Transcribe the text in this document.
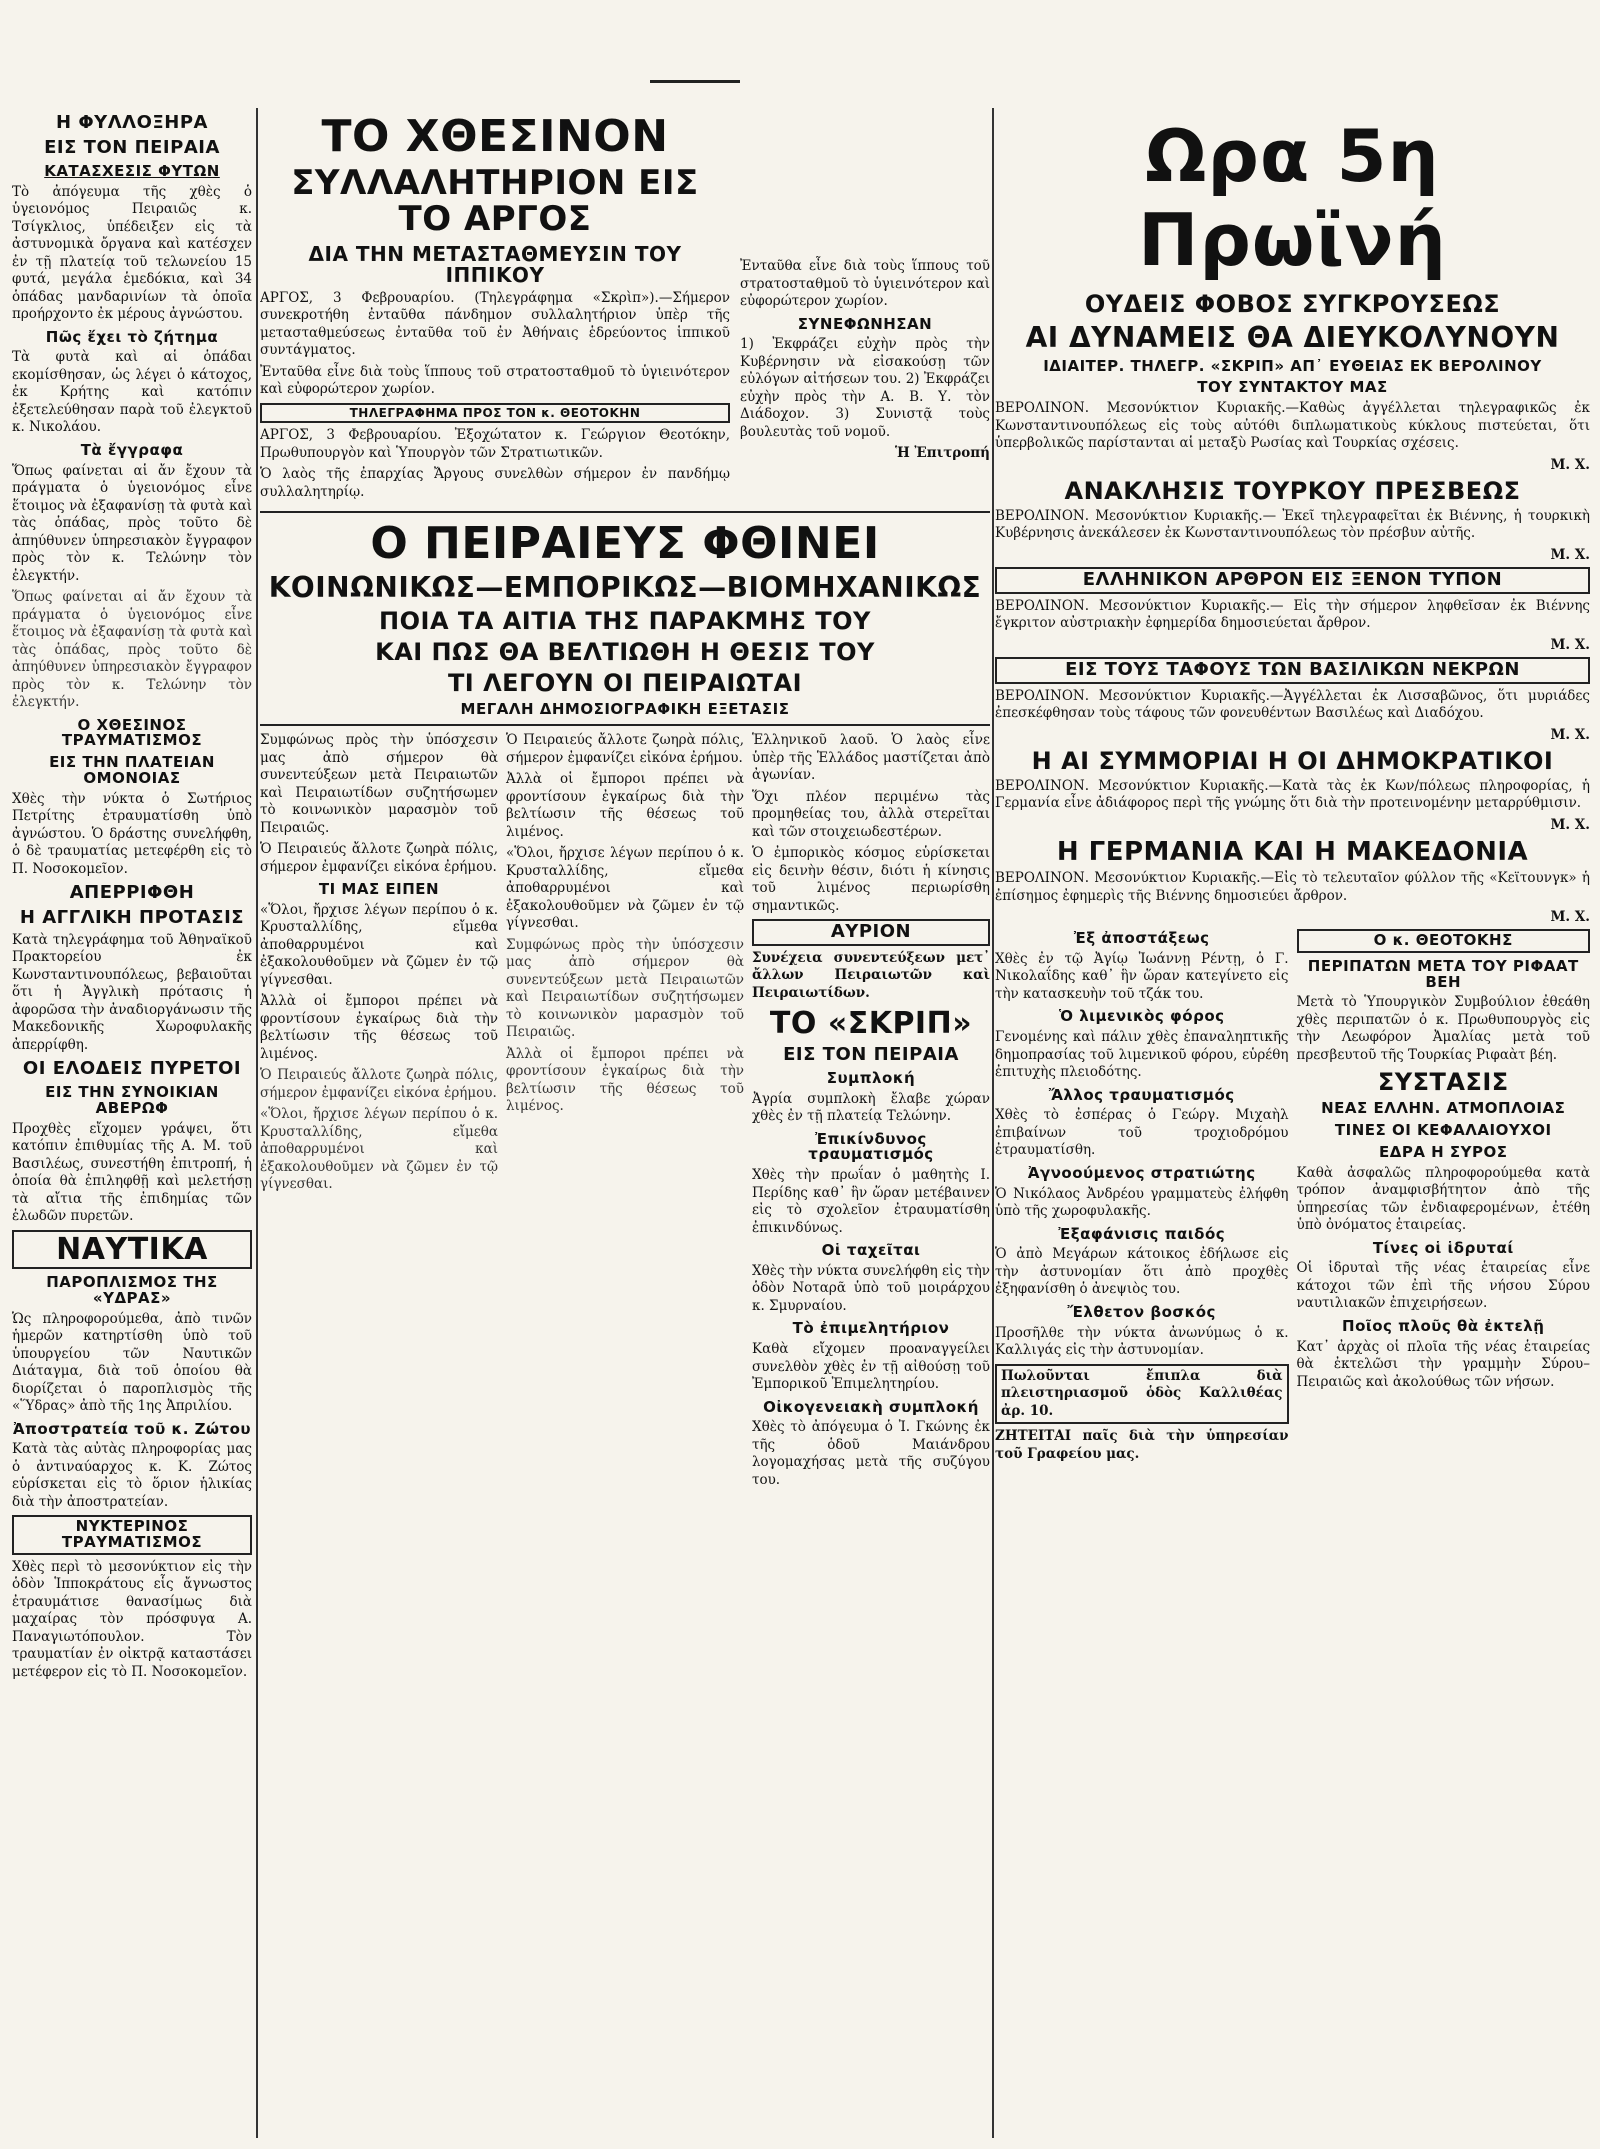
Η ΦΥΛΛΟΞΗΡΑ
ΕΙΣ ΤΟΝ ΠΕΙΡΑΙΑ
ΚΑΤΑΣΧΕΣΙΣ ΦΥΤΩΝ

Τὸ ἀπόγευμα τῆς χθὲς ὁ ὑγειονόμος Πειραιῶς κ. Τσίγκλιος, ὑπέδειξεν εἰς τὰ ἀστυνομικὰ ὄργανα καὶ κατέσχεν ἐν τῇ πλατείᾳ τοῦ τελωνείου 15 φυτά, μεγάλα ἑμεδόκια, καὶ 34 ὁπάδας μανδαρινίων τὰ ὁποῖα προήρχοντο ἐκ μέρους ἀγνώστου.

Πῶς ἔχει τὸ ζήτημα

Τὰ φυτὰ καὶ αἱ ὁπάδαι εκομίσθησαν, ὡς λέγει ὁ κάτοχος, ἐκ Κρήτης καὶ κατόπιν ἐξετελεύθησαν παρὰ τοῦ ἐλεγκτοῦ κ. Νικολάου.

Τὰ ἔγγραφα

Ὅπως φαίνεται αἱ ἄν ἔχουν τὰ πράγματα ὁ ὑγειονόμος εἶνε ἕτοιμος νὰ ἐξαφανίσῃ τὰ φυτὰ καὶ τὰς ὁπάδας, πρὸς τοῦτο δὲ ἀπηύθυνεν ὑπηρεσιακὸν ἔγγραφον πρὸς τὸν κ. Τελώνην τὸν ἐλεγκτήν.

Ὅπως φαίνεται αἱ ἄν ἔχουν τὰ πράγματα ὁ ὑγειονόμος εἶνε ἕτοιμος νὰ ἐξαφανίσῃ τὰ φυτὰ καὶ τὰς ὁπάδας, πρὸς τοῦτο δὲ ἀπηύθυνεν ὑπηρεσιακὸν ἔγγραφον πρὸς τὸν κ. Τελώνην τὸν ἐλεγκτήν.

Ο ΧΘΕΣΙΝΟΣ ΤΡΑΥΜΑΤΙΣΜΟΣ
ΕΙΣ ΤΗΝ ΠΛΑΤΕΙΑΝ ΟΜΟΝΟΙΑΣ

Χθὲς τὴν νύκτα ὁ Σωτήριος Πετρίτης ἐτραυματίσθη ὑπὸ ἀγνώστου. Ὁ δράστης συνελήφθη, ὁ δὲ τραυματίας μετεφέρθη εἰς τὸ Π. Νοσοκομεῖον.

ΑΠΕΡΡΙΦΘΗ
Η ΑΓΓΛΙΚΗ ΠΡΟΤΑΣΙΣ

Κατὰ τηλεγράφημα τοῦ Ἀθηναϊκοῦ Πρακτορείου ἐκ Κωνσταντινουπόλεως, βεβαιοῦται ὅτι ἡ Ἀγγλικὴ πρότασις ἡ ἀφορῶσα τὴν ἀναδιοργάνωσιν τῆς Μακεδονικῆς Χωροφυλακῆς ἀπερρίφθη.

ΟΙ ΕΛΟΔΕΙΣ ΠΥΡΕΤΟΙ
ΕΙΣ ΤΗΝ ΣΥΝΟΙΚΙΑΝ ΑΒΕΡΩΦ

Προχθὲς εἴχομεν γράψει, ὅτι κατόπιν ἐπιθυμίας τῆς Α. Μ. τοῦ Βασιλέως, συνεστήθη ἐπιτροπή, ἡ ὁποία θὰ ἐπιληφθῇ καὶ μελετήσῃ τὰ αἴτια τῆς ἐπιδημίας τῶν ἑλωδῶν πυρετῶν.

ΝΑΥΤΙΚΑ
ΠΑΡΟΠΛΙΣΜΟΣ ΤΗΣ «ΥΔΡΑΣ»

Ὡς πληροφορούμεθα, ἀπὸ τινῶν ἡμερῶν κατηρτίσθη ὑπὸ τοῦ ὑπουργείου τῶν Ναυτικῶν Διάταγμα, διὰ τοῦ ὁποίου θὰ διορίζεται ὁ παροπλισμὸς τῆς «Ὕδρας» ἀπὸ τῆς 1ης Ἀπριλίου.

Ἀποστρατεία τοῦ κ. Ζώτου

Κατὰ τὰς αὐτὰς πληροφορίας μας ὁ ἀντιναύαρχος κ. Κ. Ζώτος εὑρίσκεται εἰς τὸ ὅριον ἡλικίας διὰ τὴν ἀποστρατείαν.

ΝΥΚΤΕΡΙΝΟΣ ΤΡΑΥΜΑΤΙΣΜΟΣ

Χθὲς περὶ τὸ μεσονύκτιον εἰς τὴν ὁδὸν Ἱπποκράτους εἷς ἄγνωστος ἐτραυμάτισε θανασίμως διὰ μαχαίρας τὸν πρόσφυγα Α. Παναγιωτόπουλον. Τὸν τραυματίαν ἐν οἰκτρᾷ καταστάσει μετέφερον εἰς τὸ Π. Νοσοκομεῖον.

ΤΟ ΧΘΕΣΙΝΟΝ
ΣΥΛΛΑΛΗΤΗΡΙΟΝ ΕΙΣ ΤΟ ΑΡΓΟΣ
ΔΙΑ ΤΗΝ ΜΕΤΑΣΤΑΘΜΕΥΣΙΝ ΤΟΥ ΙΠΠΙΚΟΥ

ΑΡΓΟΣ, 3 Φεβρουαρίου. (Τηλεγράφημα «Σκρὶπ»).—Σήμερον συνεκροτήθη ἐνταῦθα πάνδημον συλλαλητήριον ὑπὲρ τῆς μετασταθμεύσεως ἐνταῦθα τοῦ ἐν Ἀθήναις ἑδρεύοντος ἱππικοῦ συντάγματος.

Ἐνταῦθα εἶνε διὰ τοὺς ἵππους τοῦ στρατοσταθμοῦ τὸ ὑγιεινότερον καὶ εὐφορώτερον χωρίον.

ΤΗΛΕΓΡΑΦΗΜΑ ΠΡΟΣ ΤΟΝ κ. ΘΕΟΤΟΚΗΝ

ΑΡΓΟΣ, 3 Φεβρουαρίου. Ἐξοχώτατον κ. Γεώργιον Θεοτόκην, Πρωθυπουργὸν καὶ Ὑπουργὸν τῶν Στρατιωτικῶν.

Ὁ λαὸς τῆς ἐπαρχίας Ἄργους συνελθὼν σήμερον ἐν πανδήμῳ συλλαλητηρίῳ.

Ἐνταῦθα εἶνε διὰ τοὺς ἵππους τοῦ στρατοσταθμοῦ τὸ ὑγιεινότερον καὶ εὐφορώτερον χωρίον.

ΣΥΝΕΦΩΝΗΣΑΝ

1) Ἐκφράζει εὐχὴν πρὸς τὴν Κυβέρνησιν νὰ εἰσακούσῃ τῶν εὐλόγων αἰτήσεων του. 2) Ἐκφράζει εὐχὴν πρὸς τὴν Α. Β. Υ. τὸν Διάδοχον. 3) Συνιστᾷ τοὺς βουλευτὰς τοῦ νομοῦ.

Ἡ Ἐπιτροπή
Ο ΠΕΙΡΑΙΕΥΣ ΦΘΙΝΕΙ
ΚΟΙΝΩΝΙΚΩΣ—ΕΜΠΟΡΙΚΩΣ—ΒΙΟΜΗΧΑΝΙΚΩΣ
ΠΟΙΑ ΤΑ ΑΙΤΙΑ ΤΗΣ ΠΑΡΑΚΜΗΣ ΤΟΥ
ΚΑΙ ΠΩΣ ΘΑ ΒΕΛΤΙΩΘΗ Η ΘΕΣΙΣ ΤΟΥ
ΤΙ ΛΕΓΟΥΝ ΟΙ ΠΕΙΡΑΙΩΤΑΙ
ΜΕΓΑΛΗ ΔΗΜΟΣΙΟΓΡΑΦΙΚΗ ΕΞΕΤΑΣΙΣ

Συμφώνως πρὸς τὴν ὑπόσχεσιν μας ἀπὸ σήμερον θὰ συνεντεύξεων μετὰ Πειραιωτῶν καὶ Πειραιωτίδων συζητήσωμεν τὸ κοινωνικὸν μαρασμὸν τοῦ Πειραιῶς.

Ὁ Πειραιεύς ἄλλοτε ζωηρὰ πόλις, σήμερον ἐμφανίζει εἰκόνα ἐρήμου.

ΤΙ ΜΑΣ ΕΙΠΕΝ

«Ὅλοι, ἤρχισε λέγων περίπου ὁ κ. Κρυσταλλίδης, εἴμεθα ἀποθαρρυμένοι καὶ ἐξακολουθοῦμεν νὰ ζῶμεν ἐν τῷ γίγνεσθαι.

Ἀλλὰ οἱ ἔμποροι πρέπει νὰ φροντίσουν ἐγκαίρως διὰ τὴν βελτίωσιν τῆς θέσεως τοῦ λιμένος.

Ὁ Πειραιεύς ἄλλοτε ζωηρὰ πόλις, σήμερον ἐμφανίζει εἰκόνα ἐρήμου.

«Ὅλοι, ἤρχισε λέγων περίπου ὁ κ. Κρυσταλλίδης, εἴμεθα ἀποθαρρυμένοι καὶ ἐξακολουθοῦμεν νὰ ζῶμεν ἐν τῷ γίγνεσθαι.

Ὁ Πειραιεύς ἄλλοτε ζωηρὰ πόλις, σήμερον ἐμφανίζει εἰκόνα ἐρήμου.

Ἀλλὰ οἱ ἔμποροι πρέπει νὰ φροντίσουν ἐγκαίρως διὰ τὴν βελτίωσιν τῆς θέσεως τοῦ λιμένος.

«Ὅλοι, ἤρχισε λέγων περίπου ὁ κ. Κρυσταλλίδης, εἴμεθα ἀποθαρρυμένοι καὶ ἐξακολουθοῦμεν νὰ ζῶμεν ἐν τῷ γίγνεσθαι.

Συμφώνως πρὸς τὴν ὑπόσχεσιν μας ἀπὸ σήμερον θὰ συνεντεύξεων μετὰ Πειραιωτῶν καὶ Πειραιωτίδων συζητήσωμεν τὸ κοινωνικὸν μαρασμὸν τοῦ Πειραιῶς.

Ἀλλὰ οἱ ἔμποροι πρέπει νὰ φροντίσουν ἐγκαίρως διὰ τὴν βελτίωσιν τῆς θέσεως τοῦ λιμένος.

Ἑλληνικοῦ λαοῦ. Ὁ λαὸς εἶνε ὑπὲρ τῆς Ἑλλάδος μαστίζεται ἀπὸ ἀγωνίαν.

Ὅχι πλέον περιμένω τὰς προμηθείας του, ἀλλὰ στερεῖται καὶ τῶν στοιχειωδεστέρων.

Ὁ ἐμπορικὸς κόσμος εὑρίσκεται εἰς δεινὴν θέσιν, διότι ἡ κίνησις τοῦ λιμένος περιωρίσθη σημαντικῶς.

ΑΥΡΙΟΝ

Συνέχεια συνεντεύξεων μετ᾿ ἄλλων Πειραιωτῶν καὶ Πειραιωτίδων.

ΤΟ «ΣΚΡΙΠ»
ΕΙΣ ΤΟΝ ΠΕΙΡΑΙΑ
Συμπλοκή

Ἀγρία συμπλοκὴ ἔλαβε χώραν χθὲς ἐν τῇ πλατείᾳ Τελώνην.

Ἐπικίνδυνος τραυματισμός

Χθὲς τὴν πρωΐαν ὁ μαθητὴς Ι. Περίδης καθ᾿ ἣν ὥραν μετέβαινεν εἰς τὸ σχολεῖον ἐτραυματίσθη ἐπικινδύνως.

Οἱ ταχεῖται

Χθὲς τὴν νύκτα συνελήφθη εἰς τὴν ὁδὸν Νοταρᾶ ὑπὸ τοῦ μοιράρχου κ. Σμυρναίου.

Τὸ ἐπιμελητήριον

Καθὰ εἴχομεν προαναγγείλει συνελθὸν χθὲς ἐν τῇ αἰθούσῃ τοῦ Ἐμπορικοῦ Ἐπιμελητηρίου.

Οἰκογενειακὴ συμπλοκή

Χθὲς τὸ ἀπόγευμα ὁ Ἰ. Γκώνης ἐκ τῆς ὁδοῦ Μαιάνδρου λογομαχήσας μετὰ τῆς συζύγου του.

Ωρα 5η Πρωϊνή
ΟΥΔΕΙΣ ΦΟΒΟΣ ΣΥΓΚΡΟΥΣΕΩΣ
ΑΙ ΔΥΝΑΜΕΙΣ ΘΑ ΔΙΕΥΚΟΛΥΝΟΥΝ
ΙΔΙΑΙΤΕΡ. ΤΗΛΕΓΡ. «ΣΚΡΙΠ» ΑΠ᾿ ΕΥΘΕΙΑΣ ΕΚ ΒΕΡΟΛΙΝΟΥ
ΤΟΥ ΣΥΝΤΑΚΤΟΥ ΜΑΣ

ΒΕΡΟΛΙΝΟΝ. Μεσονύκτιον Κυριακῆς.—Καθὼς ἀγγέλλεται τηλεγραφικῶς ἐκ Κωνσταντινουπόλεως εἰς τοὺς αὐτόθι διπλωματικοὺς κύκλους πιστεύεται, ὅτι ὑπερβολικῶς παρίστανται αἱ μεταξὺ Ρωσίας καὶ Τουρκίας σχέσεις.

Μ. Χ.
ΑΝΑΚΛΗΣΙΣ ΤΟΥΡΚΟΥ ΠΡΕΣΒΕΩΣ

ΒΕΡΟΛΙΝΟΝ. Μεσονύκτιον Κυριακῆς.— Ἐκεῖ τηλεγραφεῖται ἐκ Βιέννης, ἡ τουρκικὴ Κυβέρνησις ἀνεκάλεσεν ἐκ Κωνσταντινουπόλεως τὸν πρέσβυν αὐτῆς.

Μ. Χ.
ΕΛΛΗΝΙΚΟΝ ΑΡΘΡΟΝ ΕΙΣ ΞΕΝΟΝ ΤΥΠΟΝ

ΒΕΡΟΛΙΝΟΝ. Μεσονύκτιον Κυριακῆς.— Εἰς τὴν σήμερον ληφθεῖσαν ἐκ Βιέννης ἔγκριτον αὐστριακὴν ἐφημερίδα δημοσιεύεται ἄρθρον.

Μ. Χ.
ΕΙΣ ΤΟΥΣ ΤΑΦΟΥΣ ΤΩΝ ΒΑΣΙΛΙΚΩΝ ΝΕΚΡΩΝ

ΒΕΡΟΛΙΝΟΝ. Μεσονύκτιον Κυριακῆς.—Ἀγγέλλεται ἐκ Λισσαβῶνος, ὅτι μυριάδες ἐπεσκέφθησαν τοὺς τάφους τῶν φονευθέντων Βασιλέως καὶ Διαδόχου.

Μ. Χ.
Η ΑΙ ΣΥΜΜΟΡΙΑΙ Η ΟΙ ΔΗΜΟΚΡΑΤΙΚΟΙ

ΒΕΡΟΛΙΝΟΝ. Μεσονύκτιον Κυριακῆς.—Κατὰ τὰς ἐκ Κων/πόλεως πληροφορίας, ἡ Γερμανία εἶνε ἀδιάφορος περὶ τῆς γνώμης ὅτι διὰ τὴν προτεινομένην μεταρρύθμισιν.

Μ. Χ.
Η ΓΕΡΜΑΝΙΑ ΚΑΙ Η ΜΑΚΕΔΟΝΙΑ

ΒΕΡΟΛΙΝΟΝ. Μεσονύκτιον Κυριακῆς.—Εἰς τὸ τελευταῖον φύλλον τῆς «Κεϊτουνγκ» ἡ ἐπίσημος ἐφημερὶς τῆς Βιέννης δημοσιεύει ἄρθρον.

Μ. Χ.
Ἐξ ἀποστάξεως

Χθὲς ἐν τῷ Ἀγίῳ Ἰωάννῃ Ρέντῃ, ὁ Γ. Νικολαΐδης καθ᾿ ἣν ὥραν κατεγίνετο εἰς τὴν κατασκευὴν τοῦ τζάκ του.

Ὁ λιμενικὸς φόρος

Γενομένης καὶ πάλιν χθὲς ἐπαναληπτικῆς δημοπρασίας τοῦ λιμενικοῦ φόρου, εὑρέθη ἐπιτυχὴς πλειοδότης.

Ἄλλος τραυματισμός

Χθὲς τὸ ἐσπέρας ὁ Γεώργ. Μιχαὴλ ἐπιβαίνων τοῦ τροχιοδρόμου ἐτραυματίσθη.

Ἀγνοούμενος στρατιώτης

Ὁ Νικόλαος Ἀνδρέου γραμματεὺς ἐλήφθη ὑπὸ τῆς χωροφυλακῆς.

Ἐξαφάνισις παιδός

Ὁ ἀπὸ Μεγάρων κάτοικος ἐδήλωσε εἰς τὴν ἀστυνομίαν ὅτι ἀπὸ προχθὲς ἐξηφανίσθη ὁ ἀνεψιὸς του.

Ἔλθετον βοσκός

Προσῆλθε τὴν νύκτα ἀνωνύμως ὁ κ. Καλλιγάς εἰς τὴν ἀστυνομίαν.

Πωλοῦνται ἔπιπλα διὰ πλειστηριασμοῦ ὁδὸς Καλλιθέας ἀρ. 10.

ΖΗΤΕΙΤΑΙ παῖς διὰ τὴν ὑπηρεσίαν τοῦ Γραφείου μας.

Ο κ. ΘΕΟΤΟΚΗΣ
ΠΕΡΙΠΑΤΩΝ ΜΕΤΑ ΤΟΥ ΡΙΦΑΑΤ ΒΕΗ

Μετὰ τὸ Ὑπουργικὸν Συμβούλιον ἐθεάθη χθὲς περιπατῶν ὁ κ. Πρωθυπουργὸς εἰς τὴν Λεωφόρον Ἀμαλίας μετὰ τοῦ πρεσβευτοῦ τῆς Τουρκίας Ριφαὰτ βέη.

ΣΥΣΤΑΣΙΣ
ΝΕΑΣ ΕΛΛΗΝ. ΑΤΜΟΠΛΟΙΑΣ
ΤΙΝΕΣ ΟΙ ΚΕΦΑΛΑΙΟΥΧΟΙ
ΕΔΡΑ Η ΣΥΡΟΣ

Καθὰ ἀσφαλῶς πληροφορούμεθα κατὰ τρόπον ἀναμφισβήτητον ἀπὸ τῆς ὑπηρεσίας τῶν ἐνδιαφερομένων, ἐτέθη ὑπὸ ὀνόματος ἑταιρείας.

Τίνες οἱ ἱδρυταί

Οἱ ἱδρυταὶ τῆς νέας ἑταιρείας εἶνε κάτοχοι τῶν ἐπὶ τῆς νήσου Σύρου ναυτιλιακῶν ἐπιχειρήσεων.

Ποῖος πλοῦς θὰ ἐκτελῇ

Κατ᾿ ἀρχὰς οἱ πλοῖα τῆς νέας ἑταιρείας θὰ ἐκτελῶσι τὴν γραμμὴν Σύρου–Πειραιῶς καὶ ἀκολούθως τῶν νήσων.
